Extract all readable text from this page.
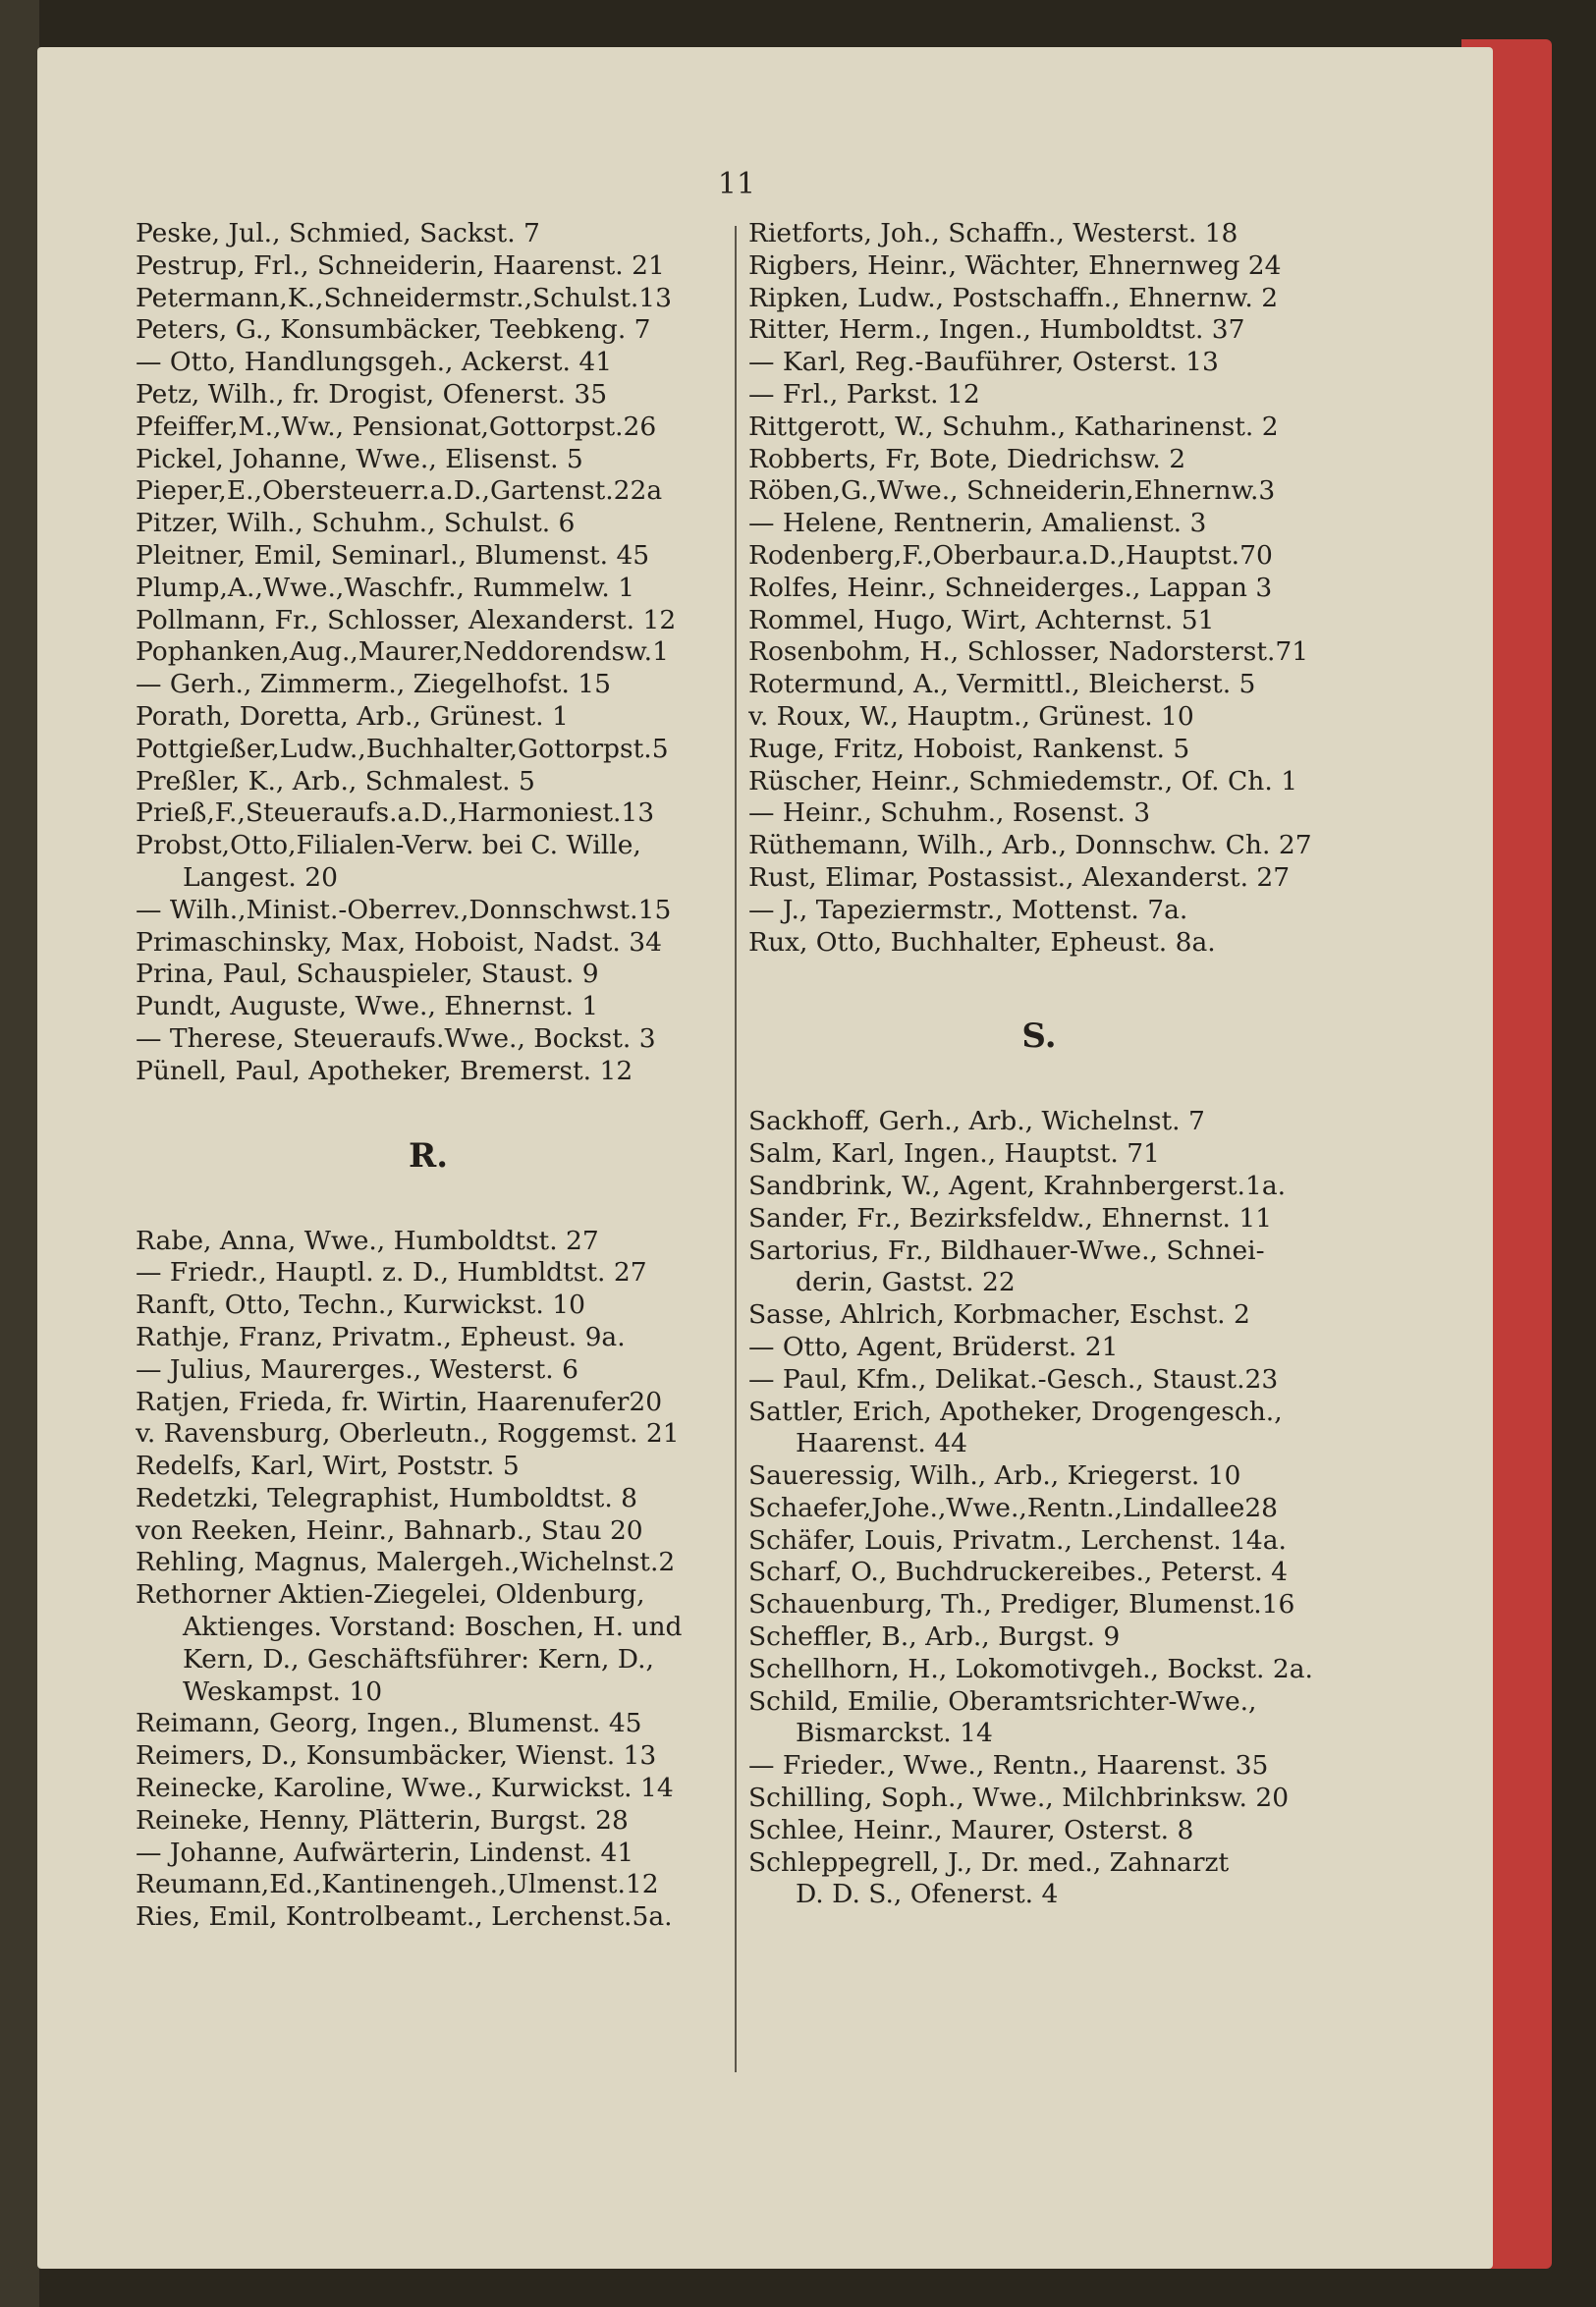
11
Peske, Jul., Schmied, Sackst. 7
Pestrup, Frl., Schneiderin, Haarenst. 21
Petermann,K.,Schneidermstr.,Schulst.13
Peters, G., Konsumbäcker, Teebkeng. 7
— Otto, Handlungsgeh., Ackerst. 41
Petz, Wilh., fr. Drogist, Ofenerst. 35
Pfeiffer,M.,Ww., Pensionat,Gottorpst.26
Pickel, Johanne, Wwe., Elisenst. 5
Pieper,E.,Obersteuerr.a.D.,Gartenst.22a
Pitzer, Wilh., Schuhm., Schulst. 6
Pleitner, Emil, Seminarl., Blumenst. 45
Plump,A.,Wwe.,Waschfr., Rummelw. 1
Pollmann, Fr., Schlosser, Alexanderst. 12
Pophanken,Aug.,Maurer,Neddorendsw.1
— Gerh., Zimmerm., Ziegelhofst. 15
Porath, Doretta, Arb., Grünest. 1
Pottgießer,Ludw.,Buchhalter,Gottorpst.5
Preßler, K., Arb., Schmalest. 5
Prieß,F.,Steueraufs.a.D.,Harmoniest.13
Probst,Otto,Filialen-Verw. bei C. Wille,
Langest. 20
— Wilh.,Minist.-Oberrev.,Donnschwst.15
Primaschinsky, Max, Hoboist, Nadst. 34
Prina, Paul, Schauspieler, Staust. 9
Pundt, Auguste, Wwe., Ehnernst. 1
— Therese, Steueraufs.Wwe., Bockst. 3
Pünell, Paul, Apotheker, Bremerst. 12
R.
Rabe, Anna, Wwe., Humboldtst. 27
— Friedr., Hauptl. z. D., Humbldtst. 27
Ranft, Otto, Techn., Kurwickst. 10
Rathje, Franz, Privatm., Epheust. 9a.
— Julius, Maurerges., Westerst. 6
Ratjen, Frieda, fr. Wirtin, Haarenufer20
v. Ravensburg, Oberleutn., Roggemst. 21
Redelfs, Karl, Wirt, Poststr. 5
Redetzki, Telegraphist, Humboldtst. 8
von Reeken, Heinr., Bahnarb., Stau 20
Rehling, Magnus, Malergeh.,Wichelnst.2
Rethorner Aktien-Ziegelei, Oldenburg,
Aktienges. Vorstand: Boschen, H. und
Kern, D., Geschäftsführer: Kern, D.,
Weskampst. 10
Reimann, Georg, Ingen., Blumenst. 45
Reimers, D., Konsumbäcker, Wienst. 13
Reinecke, Karoline, Wwe., Kurwickst. 14
Reineke, Henny, Plätterin, Burgst. 28
— Johanne, Aufwärterin, Lindenst. 41
Reumann,Ed.,Kantinengeh.,Ulmenst.12
Ries, Emil, Kontrolbeamt., Lerchenst.5a.
Rietforts, Joh., Schaffn., Westerst. 18
Rigbers, Heinr., Wächter, Ehnernweg 24
Ripken, Ludw., Postschaffn., Ehnernw. 2
Ritter, Herm., Ingen., Humboldtst. 37
— Karl, Reg.-Bauführer, Osterst. 13
— Frl., Parkst. 12
Rittgerott, W., Schuhm., Katharinenst. 2
Robberts, Fr, Bote, Diedrichsw. 2
Röben,G.,Wwe., Schneiderin,Ehnernw.3
— Helene, Rentnerin, Amalienst. 3
Rodenberg,F.,Oberbaur.a.D.,Hauptst.70
Rolfes, Heinr., Schneiderges., Lappan 3
Rommel, Hugo, Wirt, Achternst. 51
Rosenbohm, H., Schlosser, Nadorsterst.71
Rotermund, A., Vermittl., Bleicherst. 5
v. Roux, W., Hauptm., Grünest. 10
Ruge, Fritz, Hoboist, Rankenst. 5
Rüscher, Heinr., Schmiedemstr., Of. Ch. 1
— Heinr., Schuhm., Rosenst. 3
Rüthemann, Wilh., Arb., Donnschw. Ch. 27
Rust, Elimar, Postassist., Alexanderst. 27
— J., Tapeziermstr., Mottenst. 7a.
Rux, Otto, Buchhalter, Epheust. 8a.
S.
Sackhoff, Gerh., Arb., Wichelnst. 7
Salm, Karl, Ingen., Hauptst. 71
Sandbrink, W., Agent, Krahnbergerst.1a.
Sander, Fr., Bezirksfeldw., Ehnernst. 11
Sartorius, Fr., Bildhauer-Wwe., Schnei-
derin, Gastst. 22
Sasse, Ahlrich, Korbmacher, Eschst. 2
— Otto, Agent, Brüderst. 21
— Paul, Kfm., Delikat.-Gesch., Staust.23
Sattler, Erich, Apotheker, Drogengesch.,
Haarenst. 44
Saueressig, Wilh., Arb., Kriegerst. 10
Schaefer,Johe.,Wwe.,Rentn.,Lindallee28
Schäfer, Louis, Privatm., Lerchenst. 14a.
Scharf, O., Buchdruckereibes., Peterst. 4
Schauenburg, Th., Prediger, Blumenst.16
Scheffler, B., Arb., Burgst. 9
Schellhorn, H., Lokomotivgeh., Bockst. 2a.
Schild, Emilie, Oberamtsrichter-Wwe.,
Bismarckst. 14
— Frieder., Wwe., Rentn., Haarenst. 35
Schilling, Soph., Wwe., Milchbrinksw. 20
Schlee, Heinr., Maurer, Osterst. 8
Schleppegrell, J., Dr. med., Zahnarzt
D. D. S., Ofenerst. 4
